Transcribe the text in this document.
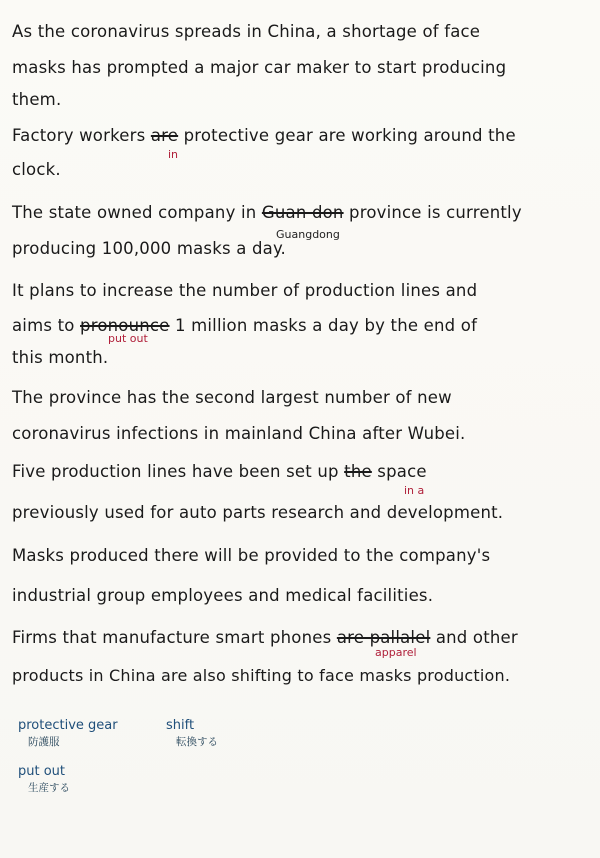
As the coronavirus spreads in China, a shortage of face
masks has prompted a major car maker to start producing
them.
Factory workers are protective gear are working around the
in
clock.
The state owned company in Guan don province is currently
Guangdong
producing 100,000 masks a day.
It plans to increase the number of production lines and
aims to pronounce 1 million masks a day by the end of
put out
this month.
The province has the second largest number of new
coronavirus infections in mainland China after Wubei.
Five production lines have been set up the space
in a
previously used for auto parts research and development.
Masks produced there will be provided to the company's
industrial group employees and medical facilities.
Firms that manufacture smart phones are pallalel and other
apparel
products in China are also shifting to face masks production.
protective gear
防護服
shift
転換する
put out
生産する
